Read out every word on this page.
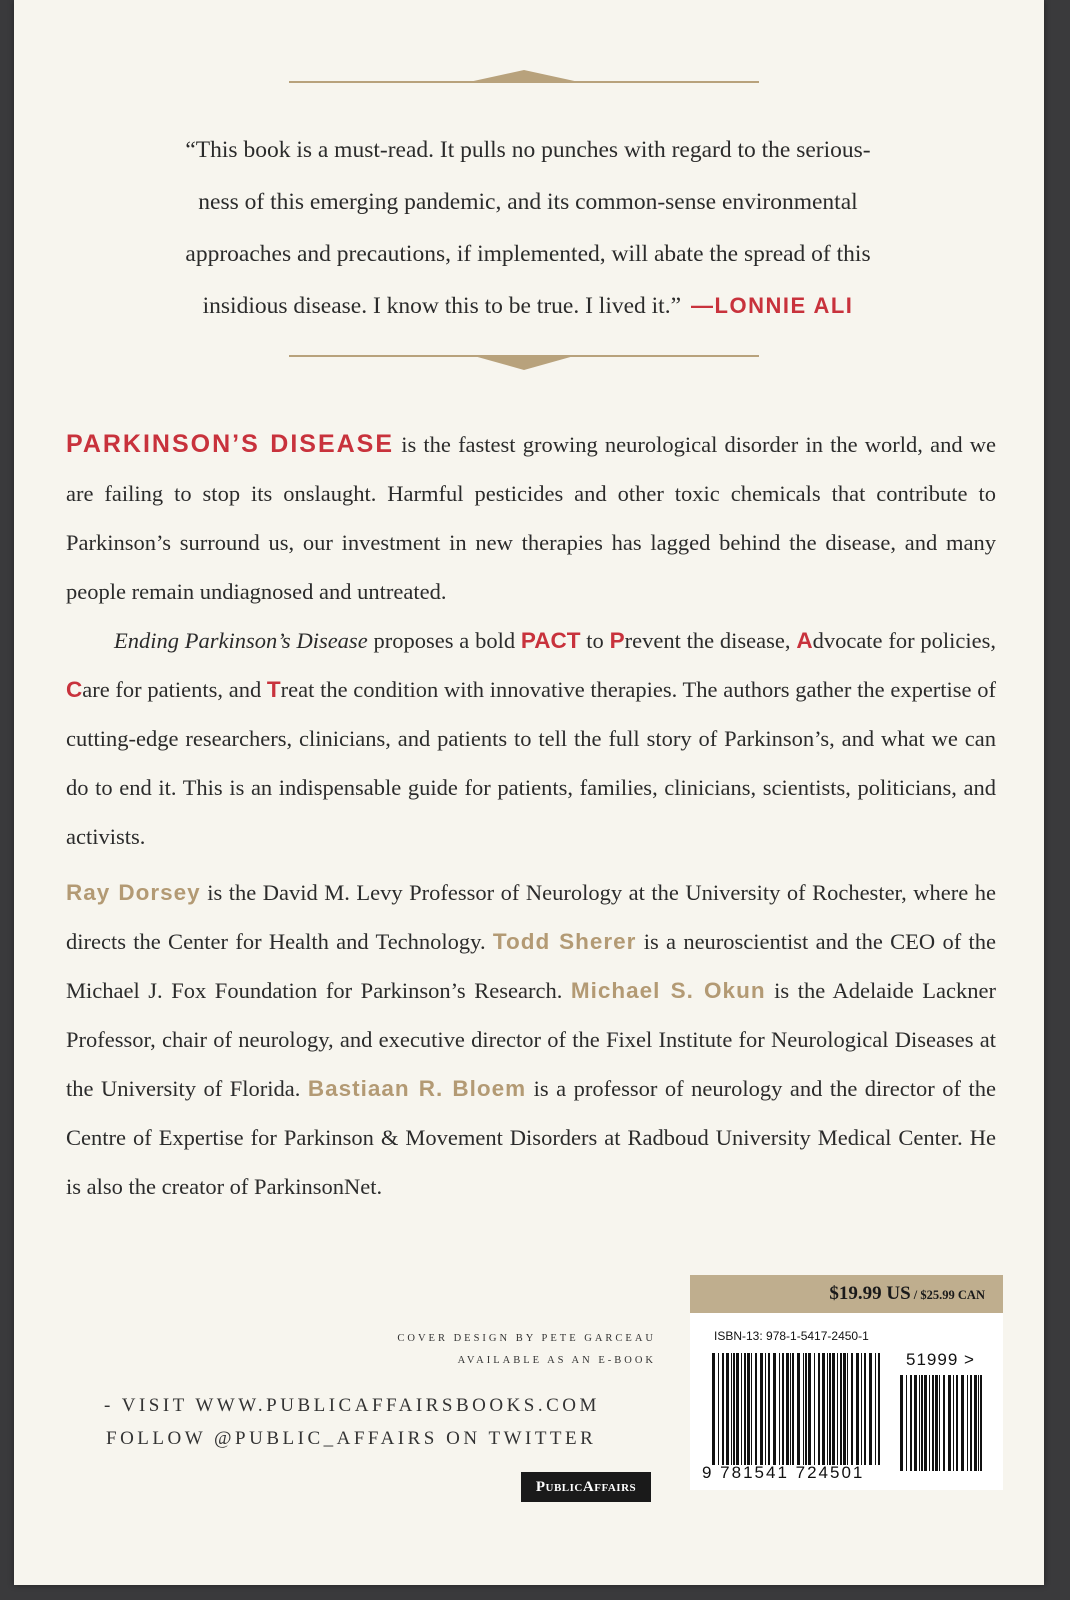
“This book is a must-read. It pulls no punches with regard to the serious-
ness of this emerging pandemic, and its common-sense environmental
approaches and precautions, if implemented, will abate the spread of this
insidious disease. I know this to be true. I lived it.” —LONNIE ALI

PARKINSON’S DISEASE is the fastest growing neurological disorder in the world, and we are failing to stop its onslaught. Harmful pesticides and other toxic chemicals that contribute to Parkinson’s surround us, our investment in new therapies has lagged behind the disease, and many people remain undiagnosed and untreated.

Ending Parkinson’s Disease proposes a bold PACT to Prevent the disease, Advocate for policies, Care for patients, and Treat the condition with innovative therapies. The authors gather the expertise of cutting-edge researchers, clinicians, and patients to tell the full story of Parkinson’s, and what we can do to end it. This is an indispensable guide for patients, families, clinicians, scientists, politicians, and activists.

Ray Dorsey is the David M. Levy Professor of Neurology at the University of Rochester, where he directs the Center for Health and Technology. Todd Sherer is a neuroscientist and the CEO of the Michael J. Fox Foundation for Parkinson’s Research. Michael S. Okun is the Adelaide Lackner Professor, chair of neurology, and executive director of the Fixel Institute for Neurological Diseases at the University of Florida. Bastiaan R. Bloem is a professor of neurology and the director of the Centre of Expertise for Parkinson & Movement Disorders at Radboud University Medical Center. He is also the creator of ParkinsonNet.

COVER DESIGN BY PETE GARCEAU
AVAILABLE AS AN E-BOOK
- VISIT WWW.PUBLICAFFAIRSBOOKS.COM
FOLLOW @PUBLIC_AFFAIRS ON TWITTER
PUBLICAFFAIRS
$19.99 US / $25.99 CAN
ISBN-13: 978-1-5417-2450-1
51999 >
9 781541 724501
